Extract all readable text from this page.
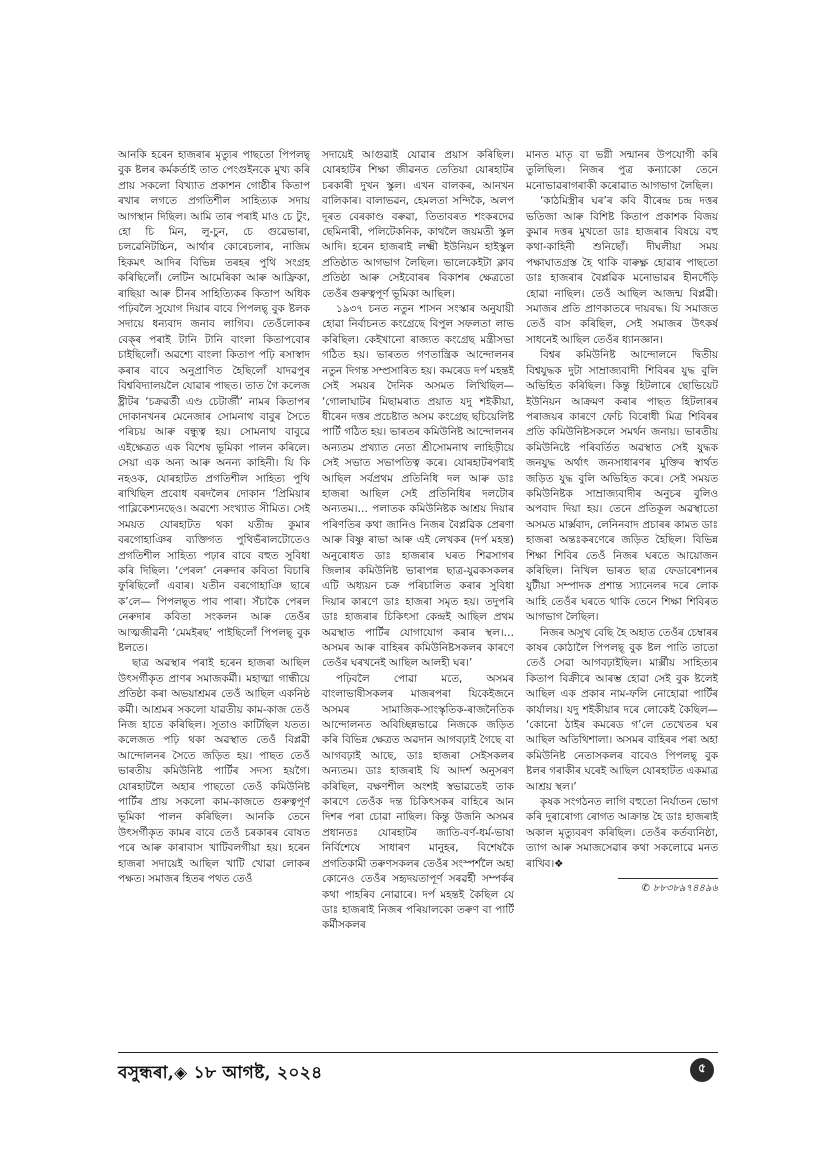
আনকি হৰেন হাজৰাৰ মৃত্যুৰ পাছতো পিপলছ্‌ বুক ষ্টলৰ কৰ্মকৰ্তাই তাত পেংগুইনকে মুখ্য কৰি প্ৰায় সকলো বিখ্যাত প্ৰকাশন গোষ্ঠীৰ কিতাপ ৰখাৰ লগতে প্ৰগতিশীল সাহিত্যক সদায় আগস্থান দিছিল। আমি তাৰ পৰাই মাও চে টুং, হো চি মিন, লু-চুন, চে গুৱেভাৰা, চলৱেনিটচ্চিন, আৰ্থাৰ কোৰেচলাৰ, নাজিম হিকমৎ আদিৰ বিভিন্ন তৰহৰ পুথি সংগ্ৰহ কৰিছিলোঁ। লেটিন আমেৰিকা আৰু আফ্ৰিকা, ৰাছিয়া আৰু চীনৰ সাহিত্যিকৰ কিতাপ অধিক পঢ়িবলৈ সুযোগ দিয়াৰ বাবে পিপলছ্‌ বুক ষ্টলক সদায়ে ধন্যবাদ জনাব লাগিব। তেওঁলোকৰ বেক্‌ৰ পৰাই টানি টানি বাংলা কিতাপবোৰ চাইছিলোঁ। অৱশ্যে বাংলা কিতাপ পঢ়ি ৰসাস্বাদ কৰাৰ বাবে অনুপ্ৰাণিত হৈছিলোঁ যাদৱপুৰ বিশ্ববিদ্যালয়লৈ যোৱাৰ পাছত। তাত গৈ কলেজ ষ্ট্ৰীটৰ ‘চক্ৰৱৰ্তী এণ্ড চেটাৰ্জী’ নামৰ কিতাপৰ দোকানখনৰ মেনেজাৰ সোমনাথ বাবুৰ সৈতে পৰিচয় আৰু বন্ধুত্ব হয়। সোমনাথ বাবুৱে এইক্ষেত্ৰত এক বিশেষ ভূমিকা পালন কৰিলে। সেয়া এক অন্য আৰু অনন্য কাহিনী। যি কি নহওক, যোৰহাটত প্ৰগতিশীল সাহিত্য পুথি ৰাখিছিল প্ৰবোধ বৰদলৈৰ দোকান ‘প্ৰিমিয়াৰ পাব্লিকেশ্যনছেও। অৱশ্যে সংখ্যাত সীমিত। সেই সময়ত যোৰহাটত থকা যতীন্দ্ৰ কুমাৰ বৰগোহাঞিৰ ব্যক্তিগত পুথিভঁৰালটোতেও প্ৰগতিশীল সাহিত্য পঢ়াৰ বাবে বহুত সুবিধা কৰি দিছিল। ‘পেৰল’ নেৰুদাৰ কবিতা বিচাৰি ফুৰিছিলোঁ এবাৰ। যতীন বৰগোহাঞি ছাৰে ক’লে— পিপলছ্‌ত পাব পাৰা। সঁচাকৈ পেৰল নেৰুদাৰ কবিতা সংকলন আৰু তেওঁৰ আত্মজীৱনী ‘মেমইৰছ’ পাইছিলোঁ পিপলছ্‌ বুক ষ্টলতে।

ছাত্ৰ অৱস্থাৰ পৰাই হৰেন হাজৰা আছিল উৎসৰ্গীকৃত প্ৰাণৰ সমাজকৰ্মী। মহাত্মা গান্ধীয়ে প্ৰতিষ্ঠা কৰা অভয়াশ্ৰমৰ তেওঁ আছিল একনিষ্ঠ কৰ্মী। আশ্ৰমৰ সকলো যাৱতীয় কাম-কাজ তেওঁ নিজ হাতে কৰিছিল। সূতাও কাটিছিল যতত। কলেজত পঢ়ি থকা অৱস্থাত তেওঁ বিপ্লৱী আন্দোলনৰ সৈতে জড়িত হয়। পাছত তেওঁ ভাৰতীয় কমিউনিষ্ট পাৰ্টিৰ সদস্য হয়গৈ। যোৰহাটলৈ অহাৰ পাছতো তেওঁ কমিউনিষ্ট পাৰ্টিৰ প্ৰায় সকলো কাম-কাজতে গুৰুত্বপূৰ্ণ ভূমিকা পালন কৰিছিল। আনকি তেনে উৎসৰ্গীকৃত কামৰ বাবে তেওঁ চৰকাৰৰ বোষত পৰে আৰু কাৰাবাস খাটিবলগীয়া হয়। হৰেন হাজৰা সদায়েই আছিল খাটি খোৱা লোকৰ পক্ষত। সমাজৰ হিতৰ পথত তেওঁ

সদায়েই আগুৱাই যোৱাৰ প্ৰয়াস কৰিছিল। যোৰহাটৰ শিক্ষা জীৱনত তেতিয়া যোৰহাটৰ চৰকাৰী দুখন স্কুল। এখন বালকৰ, আনখন বালিকাৰ। বালাভৱন, হেমলতা সন্দিকৈ, অলপ দূৰত বেৰকাণ্ড বৰুৱা, তিতাবৰত শংকৰদেৱ ছেমিনাৰী, পলিটেকনিক, কাথলৈ জয়মতী স্কুল আদি। হৰেন হাজৰাই লক্ষ্মী ইউনিয়ন হাইস্কুল প্ৰতিষ্ঠাত আগভাগ লৈছিল। ভালেকেইটা ক্লাব প্ৰতিষ্ঠা আৰু সেইবোৰৰ বিকাশৰ ক্ষেত্ৰতো তেওঁৰ গুৰুত্বপূৰ্ণ ভূমিকা আছিল।

১৯৩৭ চনত নতুন শাসন সংস্কাৰ অনুযায়ী হোৱা নিৰ্বাচনত কংগ্ৰেছে বিপুল সফলতা লাভ কৰিছিল। কেইখানো ৰাজ্যত কংগ্ৰেছ মন্ত্ৰীসভা গঠিত হয়। ভাৰতত গণতান্ত্ৰিক আন্দোলনৰ নতুন দিগন্ত সম্প্ৰসাৰিত হয়। কমৰেড দৰ্প মহন্তই সেই সময়ৰ দৈনিক অসমত লিখিছিল— ‘গোলাঘাটৰ মিছামৰাত প্ৰয়াত যদু শইকীয়া, ধীৰেন দত্তৰ প্ৰচেষ্টাত অসম কংগ্ৰেছ ছচিয়েলিষ্ট পাৰ্টি গঠিত হয়। ভাৰতৰ কমিউনিষ্ট আন্দোলনৰ অন্যতম প্ৰখ্যাত নেতা শ্ৰীসোমনাথ লাহিড়ীয়ে সেই সভাত সভাপতিত্ব কৰে। যোৰহাটৰপৰাই আছিল সৰ্বপ্ৰথম প্ৰতিনিধি দল আৰু ডাঃ হাজৰা আছিল সেই প্ৰতিনিধিৰ দলটোৰ অন্যতম।… পলাতক কমিউনিষ্টক আশ্ৰয় দিয়াৰ পৰিণতিৰ কথা জানিও নিজৰ বৈপ্লৱিক প্ৰেৰণা আৰু বিষ্ণু ৰাভা আৰু এই লেখকৰ (দৰ্প মহন্ত) অনুৰোধত ডাঃ হাজৰাৰ ঘৰত শিৱসাগৰ জিলাৰ কমিউনিষ্ট ভাৰাপন্ন ছাত্ৰ-যুৱকসকলৰ এটি অধ্যয়ন চক্ৰ পৰিচালিত কৰাৰ সুবিধা দিয়াৰ কাৰণে ডাঃ হাজৰা সমৃত হয়। তদুপৰি ডাঃ হাজৰাৰ চিকিৎসা কেন্দ্ৰই আছিল প্ৰথম অৱস্থাত পাৰ্টিৰ যোগাযোগ কৰাৰ স্থল।… অসমৰ আৰু বাহিৰৰ কমিউনিষ্টসকলৰ কাৰণে তেওঁৰ ঘৰখনেই আছিল আলহী ঘৰ।’

পঢ়িবলৈ পোৱা মতে, অসমৰ বাংলাভাষীসকলৰ মাজৰপৰা যিকেইজনে অসমৰ সামাজিক-সাংস্কৃতিক-ৰাজনৈতিক আন্দোলনত অবিচ্ছিন্নভাৱে নিজকে জড়িত কৰি বিভিন্ন ক্ষেত্ৰত অৱদান আগবঢ়াই গৈছে বা আগবঢ়াই আছে, ডাঃ হাজৰা সেইসকলৰ অন্যতম। ডাঃ হাজৰাই যি আদৰ্শ অনুসৰণ কৰিছিল, বক্ষণশীল অংশই স্বভাৱতেই তাক কাৰণে তেওঁক দন্ত চিকিৎসকৰ বাহিৰে আন দিশৰ পৰা চোৱা নাছিল। কিন্তু উজনি অসমৰ প্ৰধানতঃ যোৰহাটৰ জাতি-বৰ্ণ-ধৰ্ম-ভাষা নিৰ্বিশেষে সাধাৰণ মানুহৰ, বিশেষকৈ প্ৰগতিকামী তৰুণসকলৰ তেওঁৰ সংস্পৰ্শলৈ অহা কোনেও তেওঁৰ সহৃদয়তাপূৰ্ণ সৰৱৰ্হী সম্পৰ্কৰ কথা পাহৰিব নোৱাৰে। দৰ্প মহন্তই কৈছিল যে ডাঃ হাজৰাই নিজৰ পৰিয়ালকো তৰুণ বা পাৰ্টি কৰ্মীসকলৰ

মানত মাতৃ বা ভগ্নী সন্মানৰ উপযোগী কৰি তুলিছিল। নিজৰ পুত্ৰ কন্যাকো তেনে মনোভাৱৰাগৰাকী কৰোৱাত আগভাগ লৈছিল।

‘কাঠমিস্ত্ৰীৰ ঘৰ’ৰ কবি বীৰেন্দ্ৰ চন্দ্ৰ দত্তৰ ভতিজা আৰু বিশিষ্ট কিতাপ প্ৰকাশক বিজয় কুমাৰ দত্তৰ মুখতো ডাঃ হাজৰাৰ বিষয়ে বহু কথা-কাহিনী শুনিছোঁ। দীঘলীয়া সময় পক্ষাঘাতগ্ৰস্ত হৈ থাকি বাৰুক্ষ্ণ হোৱাৰ পাছতো ডাঃ হাজৰাৰ বৈপ্লৱিক মনোভাৱৰ হীনদেঁড়ি হোৱা নাছিল। তেওঁ আছিল আজন্ম বিপ্লৱী। সমাজৰ প্ৰতি প্ৰাণকাতৰে দায়বদ্ধ। যি সমাজত তেওঁ বাস কৰিছিল, সেই সমাজৰ উৎকৰ্ষ সাধনেই আছিল তেওঁৰ ধ্যানজ্ঞান।

বিশ্বৰ কমিউনিষ্ট আন্দোলনে দ্বিতীয় বিশ্বযুদ্ধক দুটা সাম্ৰাজ্যবাদী শিবিৰৰ যুদ্ধ বুলি অভিহিত কৰিছিল। কিন্তু হিটলাৰে ছোভিয়েট ইউনিয়ন আক্ৰমণ কৰাৰ পাছত হিটলাৰৰ পৰাজয়ৰ কাৰণে ফেচি বিৰোধী মিত্ৰ শিবিৰৰ প্ৰতি কমিউনিষ্টসকলে সমৰ্থন জনায়। ভাৰতীয় কমিউনিষ্টে পৰিবৰ্তিত অৱস্থাত সেই যুদ্ধক জনযুদ্ধ অৰ্থাৎ জনসাধাৰণৰ মুক্তিৰ স্বাৰ্থত জড়িত যুদ্ধ বুলি অভিহিত কৰে। সেই সময়ত কমিউনিষ্টক সাম্ৰাজ্যবাদীৰ অনুচৰ বুলিও অপবাদ দিয়া হয়। তেনে প্ৰতিকূল অৱস্থাতো অসমত মাৰ্ক্সবাদ, লেনিনবাদ প্ৰচাৰৰ কামত ডাঃ হাজৰা অন্তঃকৰণেৰে জড়িত হৈছিল। বিভিন্ন শিক্ষা শিবিৰ তেওঁ নিজৰ ঘৰতে আয়োজন কৰিছিল। নিখিল ভাৰত ছাত্ৰ ফেডাৰেশ্যনৰ যুটীয়া সম্পাদক প্ৰশান্ত স্যানেলৰ দৰে লোক আহি তেওঁৰ ঘৰতে থাকি তেনে শিক্ষা শিবিৰত আগভাগ লৈছিল।

নিজৰ অসুখ বেছি হৈ অহাত তেওঁৰ চেম্বাৰৰ কাষৰ কোঠালৈ পিপলছ্‌ বুক ষ্টল পাতি তাতো তেওঁ সেৱা আগবঢ়াইছিল। মাৰ্ক্সীয় সাহিত্যৰ কিতাপ বিক্ৰীৰে আৰম্ভ হোৱা সেই বুক ষ্টলেই আছিল এক প্ৰকাৰ নাম-ফলি নোহোৱা পাৰ্টিৰ কাৰ্যালয়। যদু শইকীয়াৰ দৰে লোকেই কৈছিল— ‘কোনো ঠাইৰ কমৰেড গ’লে তেখেতৰ ঘৰ আছিল অতিথিশালা। অসমৰ বাহিৰৰ পৰা অহা কমিউনিষ্ট নেতাসকলৰ বাবেও পিপলছ্‌ বুক ষ্টলৰ গৰাকীৰ ঘৰেই আছিল যোৰহাটত একমাত্ৰ আশ্ৰয় স্থল।’

কৃষক সংগঠনত লাগি বহুতো নিৰ্যাতন ভোগ কৰি দুৰাৰোগ্য ৰোগত আক্ৰান্ত হৈ ডাঃ হাজৰাই অকাল মৃত্যুবৰণ কৰিছিল। তেওঁৰ কৰ্তব্যনিষ্ঠা, ত্যাগ আৰু সমাজসেৱাৰ কথা সকলোৱে মনত ৰাখিব।❖

✆ ৮৮৩৮৯৭৪৪৯৬
বসুন্ধৰা,◈ ১৮ আগষ্ট, ২০২৪	৫
